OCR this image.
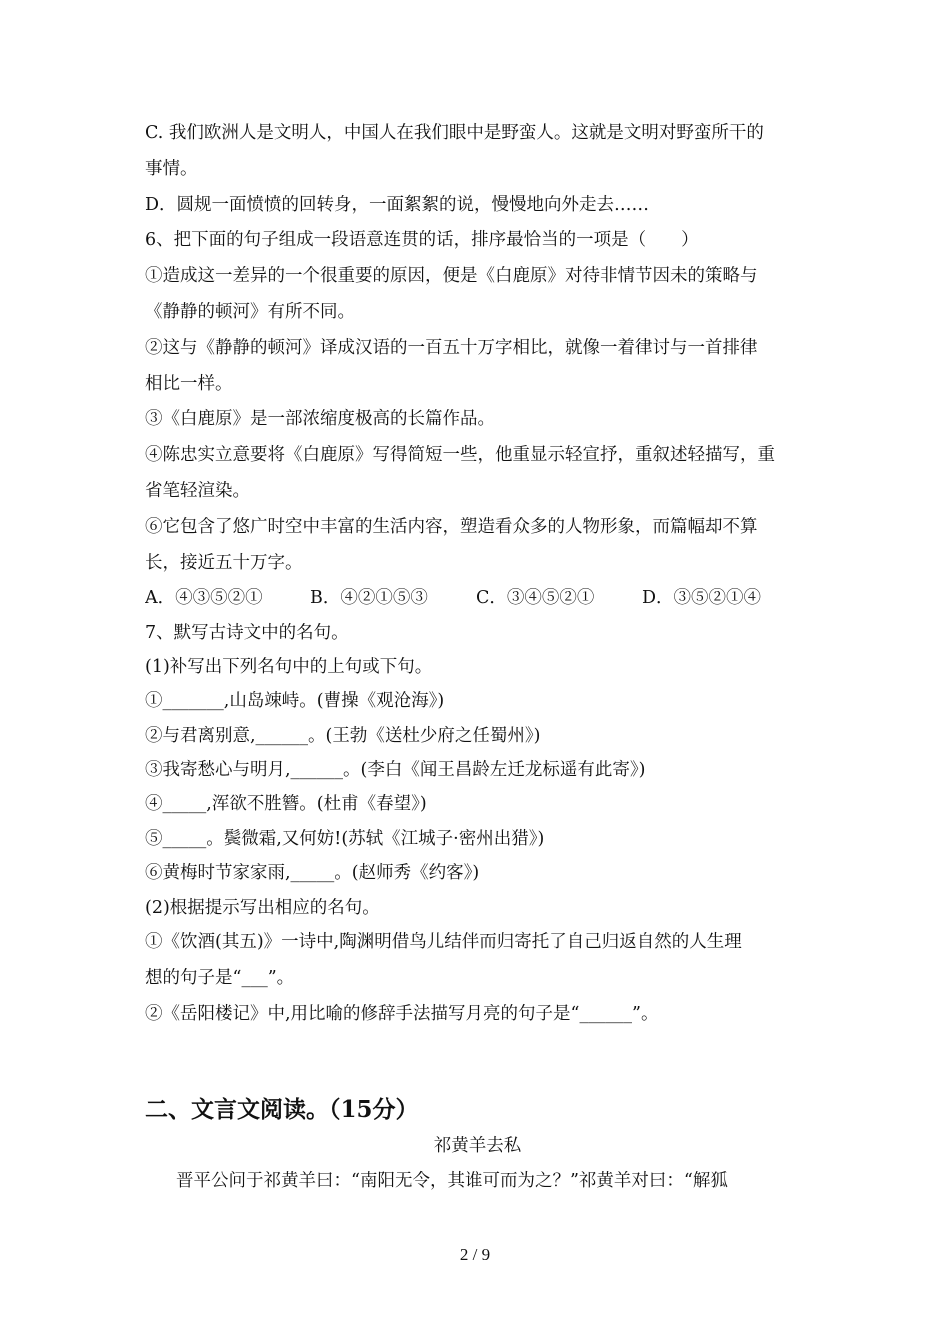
C. 我们欧洲人是文明人，中国人在我们眼中是野蛮人。这就是文明对野蛮所干的
事情。
D．圆规一面愤愤的回转身，一面絮絮的说，慢慢地向外走去……
6、把下面的句子组成一段语意连贯的话，排序最恰当的一项是（　　）
①造成这一差异的一个很重要的原因，便是《白鹿原》对待非情节因未的策略与
《静静的顿河》有所不同。
②这与《静静的顿河》译成汉语的一百五十万字相比，就像一着律讨与一首排律
相比一样。
③《白鹿原》是一部浓缩度极高的长篇作品。
④陈忠实立意要将《白鹿原》写得简短一些，他重显示轻宣抒，重叙述轻描写，重
省笔轻渲染。
⑥它包含了悠广时空中丰富的生活内容，塑造看众多的人物形象，而篇幅却不算
长，接近五十万字。
A．④③⑤②①	B．④②①⑤③	C．③④⑤②①	D．③⑤②①④
7、默写古诗文中的名句。
(1)补写出下列名句中的上句或下句。
①_______,山岛竦峙。(曹操《观沧海》)
②与君离别意,______。(王勃《送杜少府之任蜀州》)
③我寄愁心与明月,______。(李白《闻王昌龄左迁龙标遥有此寄》)
④_____,浑欲不胜簪。(杜甫《春望》)
⑤_____。鬓微霜,又何妨!(苏轼《江城子·密州出猎》)
⑥黄梅时节家家雨,_____。(赵师秀《约客》)
(2)根据提示写出相应的名句。
①《饮酒(其五)》一诗中,陶渊明借鸟儿结伴而归寄托了自己归返自然的人生理
想的句子是“___”。
②《岳阳楼记》中,用比喻的修辞手法描写月亮的句子是“______”。
二、文言文阅读。（15分）
祁黄羊去私
晋平公问于祁黄羊曰：“南阳无令，其谁可而为之？”祁黄羊对曰：“解狐
2 / 9
